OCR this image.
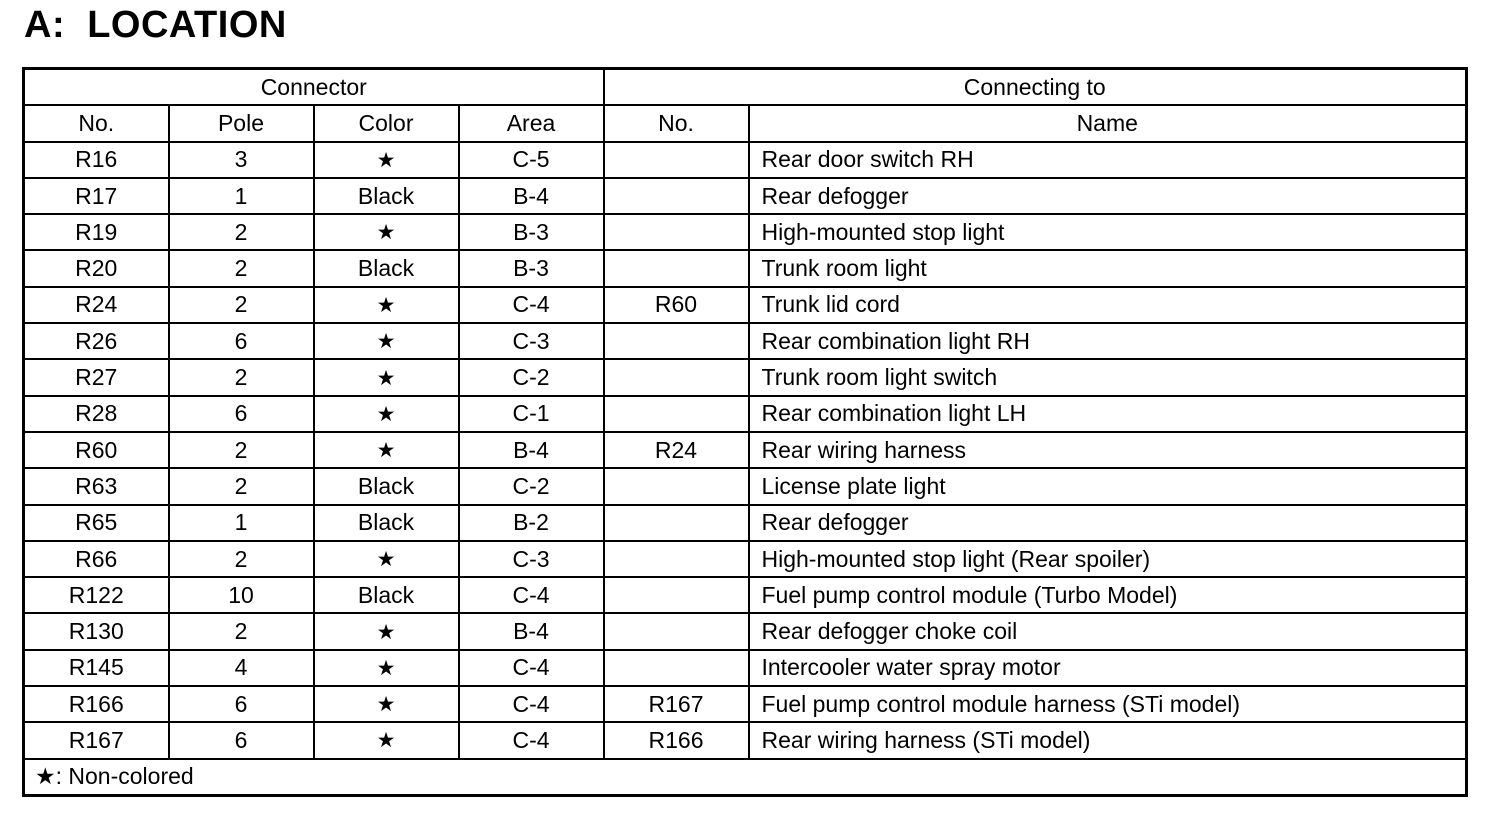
A:  LOCATION
Connector				Connecting to	
No.	Pole	Color	Area	No.	Name
R16	3	★	C-5		Rear door switch RH
R17	1	Black	B-4		Rear defogger
R19	2	★	B-3		High-mounted stop light
R20	2	Black	B-3		Trunk room light
R24	2	★	C-4	R60	Trunk lid cord
R26	6	★	C-3		Rear combination light RH
R27	2	★	C-2		Trunk room light switch
R28	6	★	C-1		Rear combination light LH
R60	2	★	B-4	R24	Rear wiring harness
R63	2	Black	C-2		License plate light
R65	1	Black	B-2		Rear defogger
R66	2	★	C-3		High-mounted stop light (Rear spoiler)
R122	10	Black	C-4		Fuel pump control module (Turbo Model)
R130	2	★	B-4		Rear defogger choke coil
R145	4	★	C-4		Intercooler water spray motor
R166	6	★	C-4	R167	Fuel pump control module harness (STi model)
R167	6	★	C-4	R166	Rear wiring harness (STi model)
★: Non-colored					
